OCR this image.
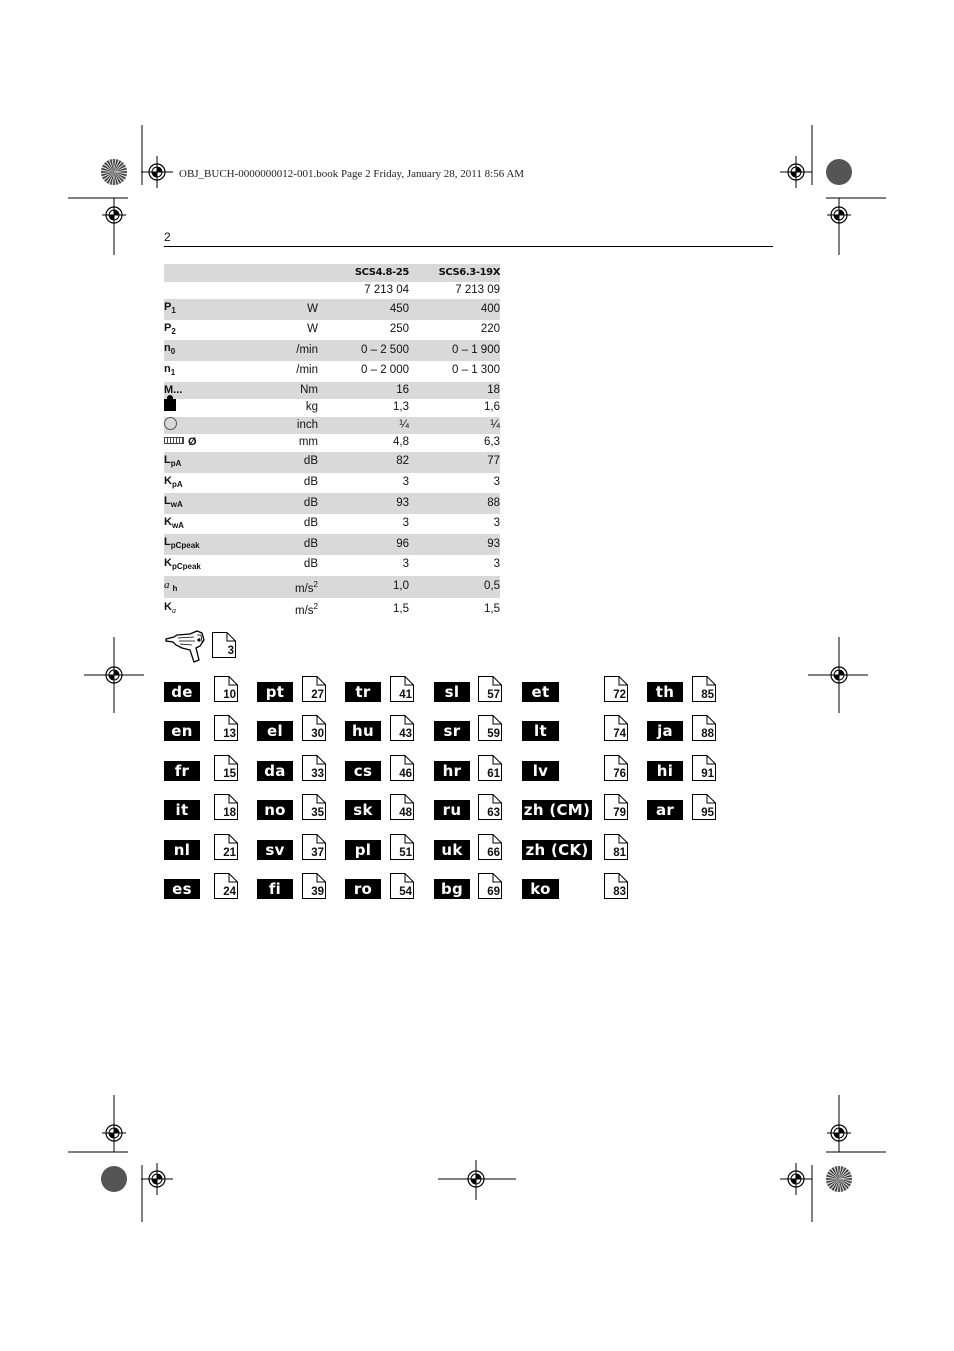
OBJ_BUCH-0000000012-001.book Page 2 Friday, January 28, 2011 8:56 AM
2
		SCS4.8-25	SCS6.3-19X
		7 213 04	7 213 09
$P_1$	W	450	400
$P_2$	W	250	220
$n_0$	/min	0 – 2 500	0 – 1 900
$n_1$	/min	0 – 2 000	0 – 1 300
M...	Nm	16	18
	kg	1,3	1,6
	inch	¼	¼
Ø	mm	4,8	6,3
$L_{pA}$	dB	82	77
$K_{pA}$	dB	3	3
$L_{wA}$	dB	93	88
$K_{wA}$	dB	3	3
$L_{pCpeak}$	dB	96	93
$K_{pCpeak}$	dB	3	3
a $_h$	$m/s^2$	1,0	0,5
$K_a$	$m/s^2$	1,5	1,5
3
de	10
en	13
fr	15
it	18
nl	21
es	24
pt	27
el	30
da	33
no	35
sv	37
fi	39
tr	41
hu	43
cs	46
sk	48
pl	51
ro	54
sl	57
sr	59
hr	61
ru	63
uk	66
bg	69
et	72
lt	74
lv	76
zh (CM) 79
zh (CK)	81
ko	83
th	85
ja	88
hi	91
ar	95
